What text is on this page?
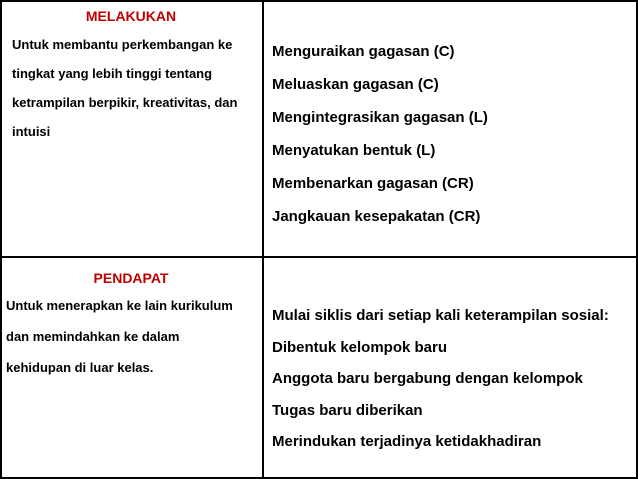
MELAKUKAN
Untuk membantu perkembangan ke
tingkat yang lebih tinggi tentang
ketrampilan berpikir, kreativitas, dan
intuisi
Menguraikan gagasan (C)
Meluaskan gagasan (C)
Mengintegrasikan gagasan (L)
Menyatukan bentuk (L)
Membenarkan gagasan (CR)
Jangkauan kesepakatan (CR)
PENDAPAT
Untuk menerapkan ke lain kurikulum
dan memindahkan ke dalam
kehidupan di luar kelas.
Mulai siklis dari setiap kali keterampilan sosial:
Dibentuk kelompok baru
Anggota baru bergabung dengan kelompok
Tugas baru diberikan
Merindukan terjadinya ketidakhadiran
